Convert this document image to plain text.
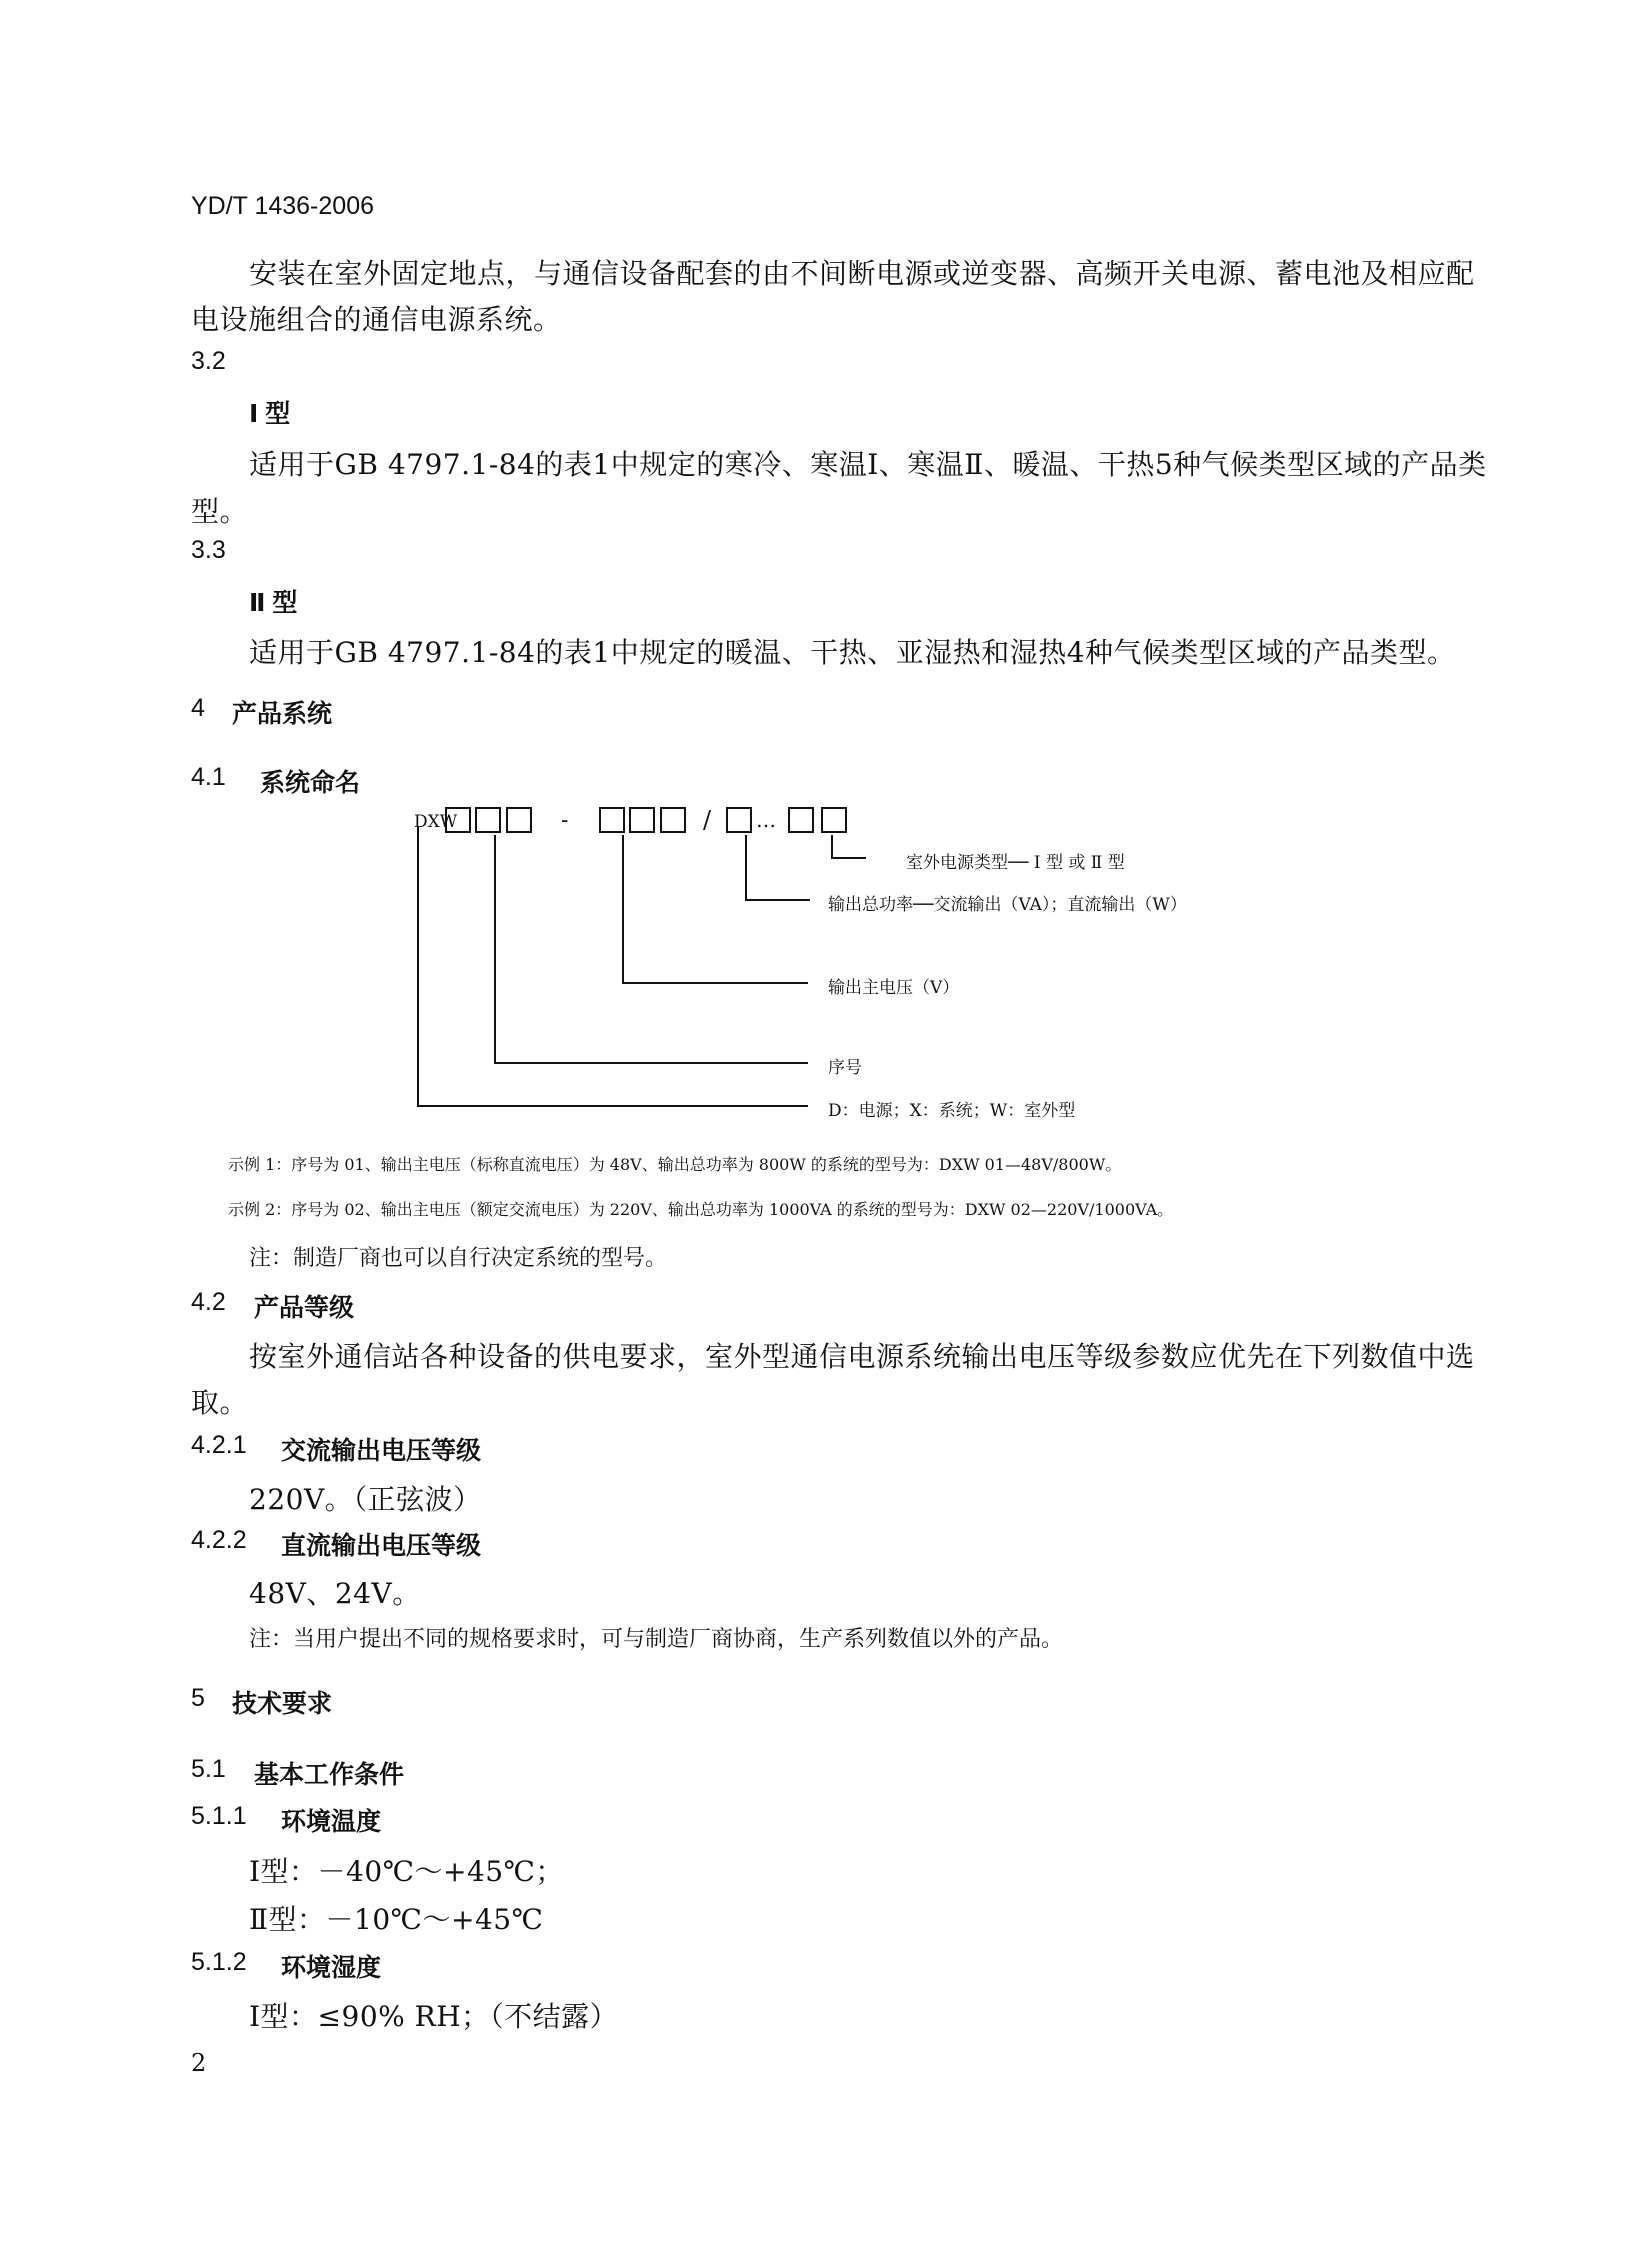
YD/T 1436-2006
安装在室外固定地点，与通信设备配套的由不间断电源或逆变器、高频开关电源、蓄电池及相应配
电设施组合的通信电源系统。
3.2
Ⅰ 型
适用于GB 4797.1-84的表1中规定的寒冷、寒温Ⅰ、寒温Ⅱ、暖温、干热5种气候类型区域的产品类
型。
3.3
Ⅱ 型
适用于GB 4797.1-84的表1中规定的暖温、干热、亚湿热和湿热4种气候类型区域的产品类型。
4 产品系统
4.1 系统命名
DXW	-	/ …
室外电源类型── Ⅰ 型 或 Ⅱ 型
输出总功率──交流输出（VA）；直流输出（W）
输出主电压（V）
序号
D：电源；X：系统；W：室外型
示例 1：序号为 01、输出主电压（标称直流电压）为 48V、输出总功率为 800W 的系统的型号为：DXW 01—48V/800W。
示例 2：序号为 02、输出主电压（额定交流电压）为 220V、输出总功率为 1000VA 的系统的型号为：DXW 02—220V/1000VA。
注：制造厂商也可以自行决定系统的型号。
4.2 产品等级
按室外通信站各种设备的供电要求，室外型通信电源系统输出电压等级参数应优先在下列数值中选
取。
4.2.1 交流输出电压等级
220V。（正弦波）
4.2.2 直流输出电压等级
48V、24V。
注：当用户提出不同的规格要求时，可与制造厂商协商，生产系列数值以外的产品。
5 技术要求
5.1 基本工作条件
5.1.1 环境温度
Ⅰ型：－40℃～+45℃；
Ⅱ型：－10℃～+45℃
5.1.2 环境湿度
Ⅰ型：≤90% RH；（不结露）
2
